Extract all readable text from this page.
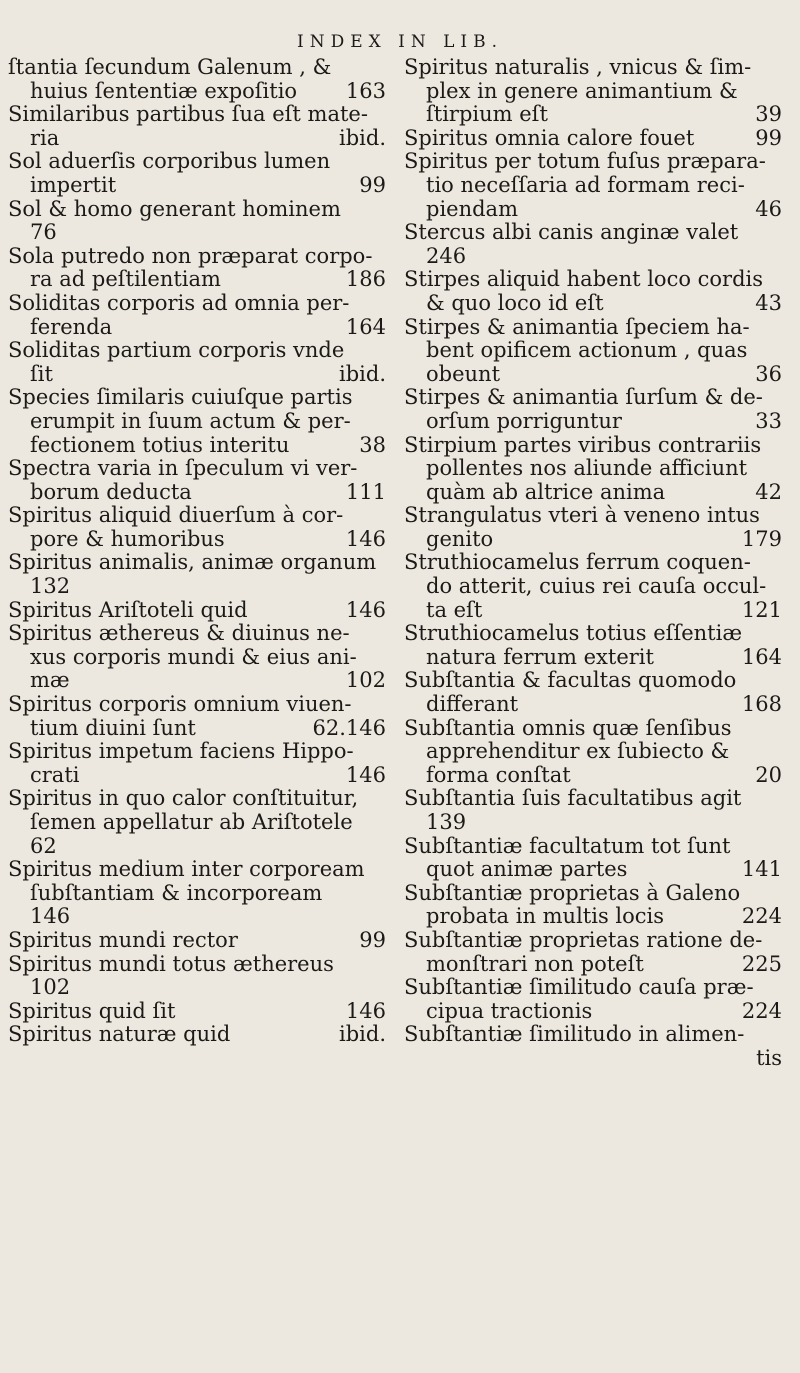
INDEX IN LIB.
ſtantia ſecundum Galenum , &
huius ſententiæ expoſitio 163
Similaribus partibus ſua eſt mate-
ria	ibid.
Sol aduerſis corporibus lumen
impertit	99
Sol & homo generant hominem
76
Sola putredo non præparat corpo-
ra ad peſtilentiam	186
Soliditas corporis ad omnia per-
ferenda	164
Soliditas partium corporis vnde
ſit	ibid.
Species ſimilaris cuiuſque partis
erumpit in ſuum actum & per-
fectionem totius interitu	38
Spectra varia in ſpeculum vi ver-
borum deducta	111
Spiritus aliquid diuerſum à cor-
pore & humoribus	146
Spiritus animalis, animæ organum
132
Spiritus Ariſtoteli quid	146
Spiritus æthereus & diuinus ne-
xus corporis mundi & eius ani-
mæ	102
Spiritus corporis omnium viuen-
tium diuini ſunt	62.146
Spiritus impetum faciens Hippo-
crati	146
Spiritus in quo calor conſtituitur,
ſemen appellatur ab Ariſtotele
62
Spiritus medium inter corpoream
ſubſtantiam & incorpoream
146
Spiritus mundi rector	99
Spiritus mundi totus æthereus
102
Spiritus quid ſit	146
Spiritus naturæ quid	ibid.
Spiritus naturalis , vnicus & ſim-
plex in genere animantium &
ſtirpium eſt	39
Spiritus omnia calore fouet	99
Spiritus per totum fuſus præpara-
tio neceſſaria ad formam reci-
piendam	46
Stercus albi canis anginæ valet
246
Stirpes aliquid habent loco cordis
& quo loco id eſt	43
Stirpes & animantia ſpeciem ha-
bent opificem actionum , quas
obeunt	36
Stirpes & animantia ſurſum & de-
orſum porriguntur	33
Stirpium partes viribus contrariis
pollentes nos aliunde afficiunt
quàm ab altrice anima	42
Strangulatus vteri à veneno intus
genito	179
Struthiocamelus ferrum coquen-
do atterit, cuius rei cauſa occul-
ta eſt	121
Struthiocamelus totius eſſentiæ
natura ferrum exterit	164
Subſtantia & facultas quomodo
differant	168
Subſtantia omnis quæ ſenſibus
apprehenditur ex ſubiecto &
forma conſtat	20
Subſtantia ſuis facultatibus agit
139
Subſtantiæ facultatum tot ſunt
quot animæ partes	141
Subſtantiæ proprietas à Galeno
probata in multis locis	224
Subſtantiæ proprietas ratione de-
monſtrari non poteſt	225
Subſtantiæ ſimilitudo cauſa præ-
cipua tractionis	224
Subſtantiæ ſimilitudo in alimen-
tis
